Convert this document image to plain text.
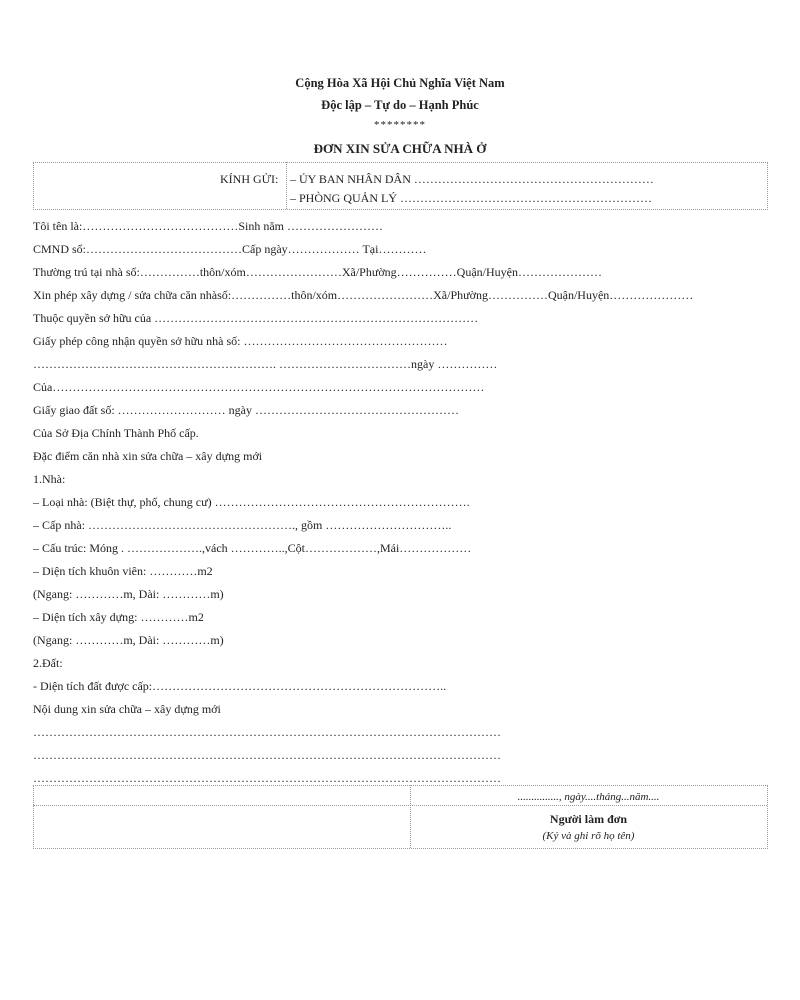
Cộng Hòa Xã Hội Chủ Nghĩa Việt Nam
Độc lập – Tự do – Hạnh Phúc
********
ĐƠN XIN SỬA CHỮA NHÀ Ở
KÍNH GỬI: – ỦY BAN NHÂN DÂN ……………………………………………………
– PHÒNG QUẢN LÝ ………………………………………………………
Tôi tên là:…………………………………Sinh năm ……………………
CMND số:…………………………………Cấp ngày……………… Tại…………
Thường trú tại nhà số:……………thôn/xóm……………………Xã/Phường……………Quận/Huyện…………………
Xin phép xây dựng / sửa chữa căn nhàsố:……………thôn/xóm……………………Xã/Phường……………Quận/Huyện…………………
Thuộc quyền sở hữu của ………………………………………………………………………
Giấy phép công nhận quyền sở hữu nhà số: ……………………………………………
……………………………………………………. ……………………………ngày ……………
Của………………………………………………………………………………………………
Giấy giao đất số: ……………………… ngày ……………………………………………
Của Sở Địa Chính Thành Phố cấp.
Đặc điểm căn nhà xin sửa chữa – xây dựng mới
1.Nhà:
– Loại nhà: (Biệt thự, phố, chung cư) ……………………………………………………….
– Cấp nhà: ……………………………………………., gồm …………………………..
– Cấu trúc: Móng . ……………….,vách …………..,Cột………………,Mái………………
– Diện tích khuôn viên: …………m2
(Ngang: …………m, Dài: …………m)
– Diện tích xây dựng: …………m2
(Ngang: …………m, Dài: …………m)
2.Đất:
- Diện tích đất được cấp:………………………………………………………………..
Nội dung xin sửa chữa – xây dựng mới
………………………………………………………………………………………………………
………………………………………………………………………………………………………
………………………………………………………………………………………………………
..............., ngày....tháng...năm....
Người làm đơn
(Ký và ghi rõ họ tên)
